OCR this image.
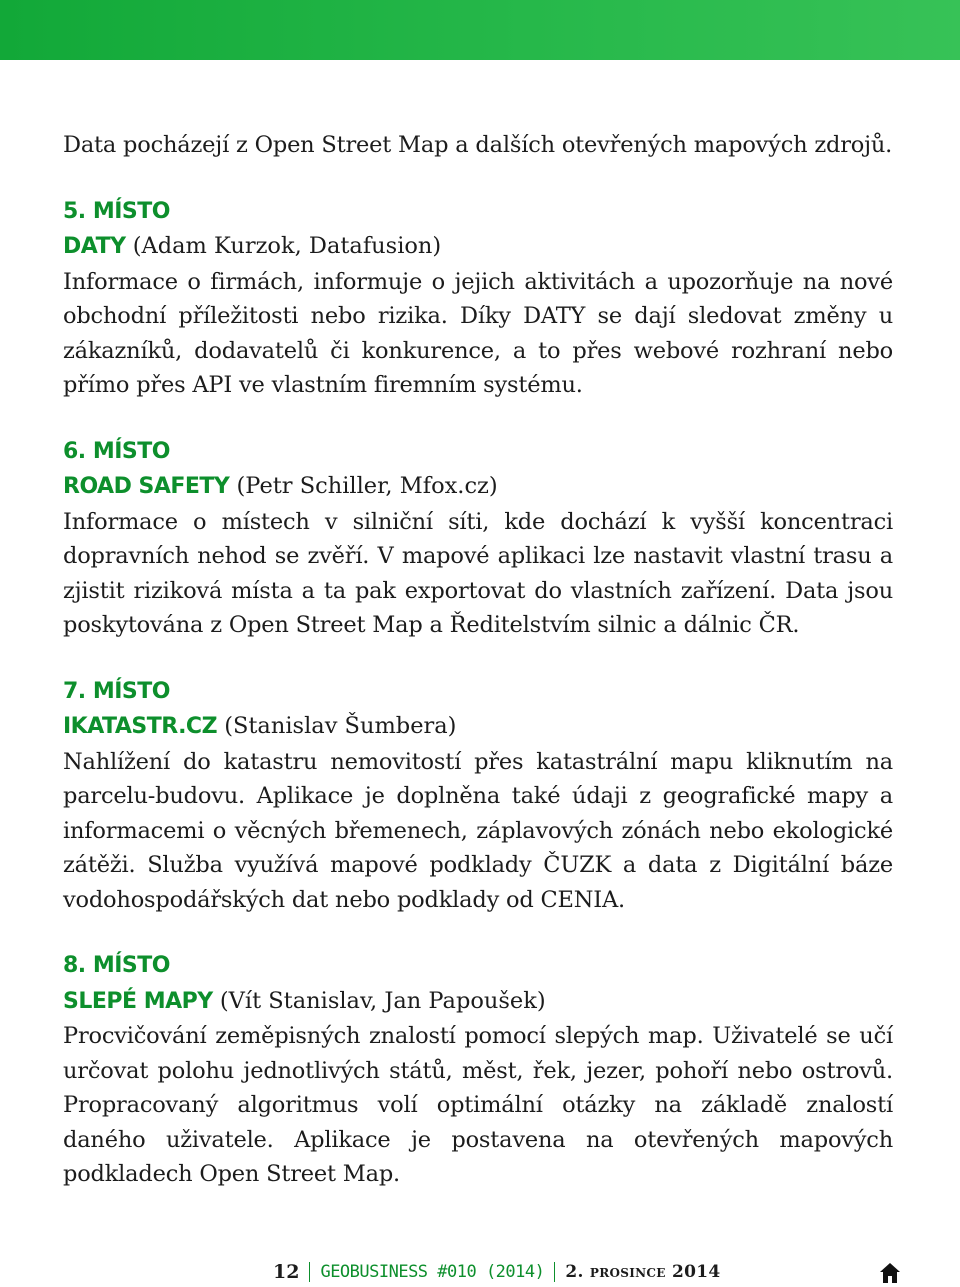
Data pocházejí z Open Street Map a dalších otevřených mapových zdrojů.

5. MÍSTO
DATY (Adam Kurzok, Datafusion)

Informace o firmách, informuje o jejich aktivitách a upozorňuje na nové obchodní příležitosti nebo rizika. Díky DATY se dají sledovat změny u zákazníků, dodavatelů či konkurence, a to přes webové rozhraní nebo přímo přes API ve vlastním firemním systému.

6. MÍSTO
ROAD SAFETY (Petr Schiller, Mfox.cz)

Informace o místech v silniční síti, kde dochází k vyšší koncentraci dopravních nehod se zvěří. V mapové aplikaci lze nastavit vlastní trasu a zjistit riziková místa a ta pak exportovat do vlastních zařízení. Data jsou poskytována z Open Street Map a Ředitelstvím silnic a dálnic ČR.

7. MÍSTO
IKATASTR.CZ (Stanislav Šumbera)

Nahlížení do katastru nemovitostí přes katastrální mapu kliknutím na parcelu-budovu. Aplikace je doplněna také údaji z geografické mapy a informacemi o věcných břemenech, záplavových zónách nebo ekologické zátěži. Služba využívá mapové podklady ČUZK a data z Digitální báze vodohospodářských dat nebo podklady od CENIA.

8. MÍSTO
SLEPÉ MAPY (Vít Stanislav, Jan Papoušek)

Procvičování zeměpisných znalostí pomocí slepých map. Uživatelé se učí určovat polohu jednotlivých států, měst, řek, jezer, pohoří nebo ostrovů. Propracovaný algoritmus volí optimální otázky na základě znalostí daného uživatele. Aplikace je postavena na otevřených mapových podkladech Open Street Map.

12 GEOBUSINESS #010 (2014) 2. prosince 2014
